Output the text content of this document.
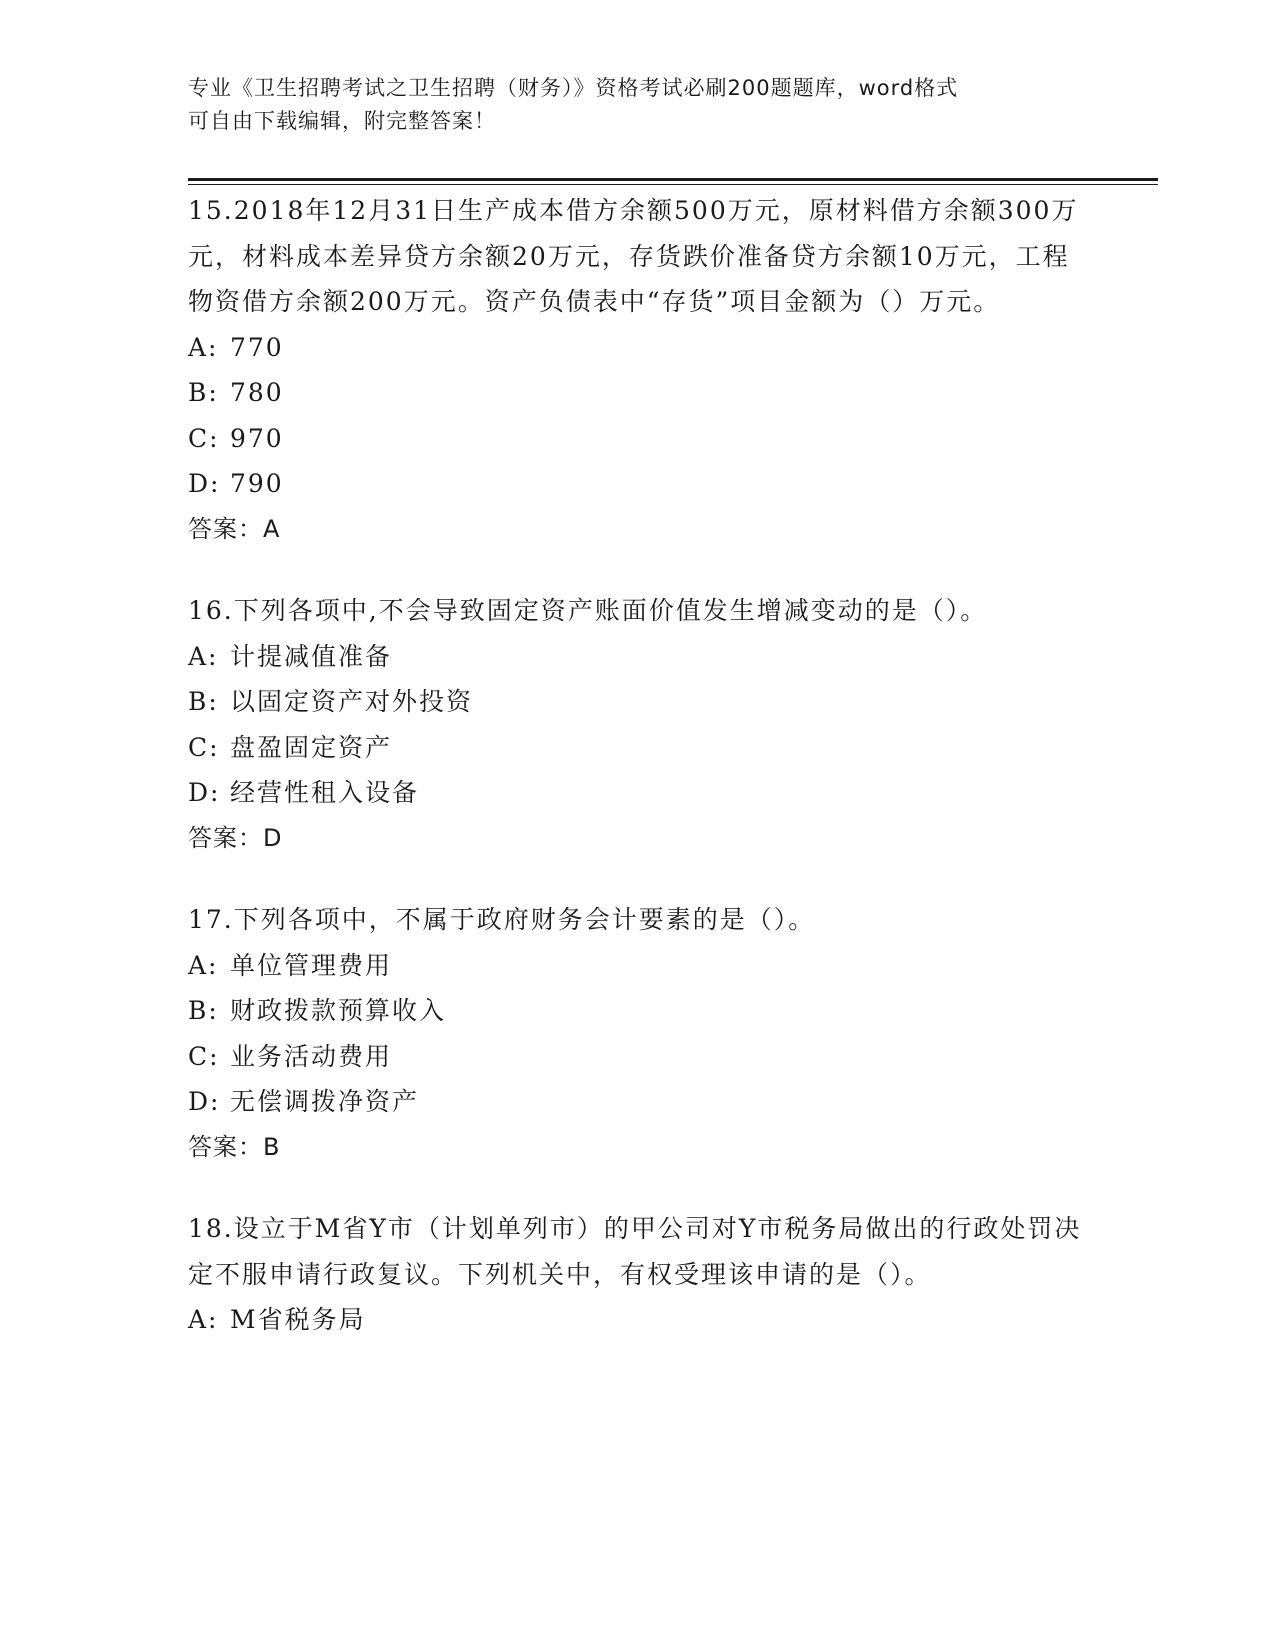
专业《卫生招聘考试之卫生招聘（财务）》资格考试必刷200题题库，word格式
可自由下载编辑，附完整答案！

15.2018年12月31日生产成本借方余额500万元，原材料借方余额300万元，材料成本差异贷方余额20万元，存货跌价准备贷方余额10万元，工程物资借方余额200万元。资产负债表中“存货”项目金额为（）万元。

A: 770

B: 780

C: 970

D: 790

答案：A

16.下列各项中,不会导致固定资产账面价值发生增减变动的是（）。

A: 计提减值准备

B: 以固定资产对外投资

C: 盘盈固定资产

D: 经营性租入设备

答案：D

17.下列各项中，不属于政府财务会计要素的是（）。

A: 单位管理费用

B: 财政拨款预算收入

C: 业务活动费用

D: 无偿调拨净资产

答案：B

18.设立于M省Y市（计划单列市）的甲公司对Y市税务局做出的行政处罚决定不服申请行政复议。下列机关中，有权受理该申请的是（）。

A: M省税务局
